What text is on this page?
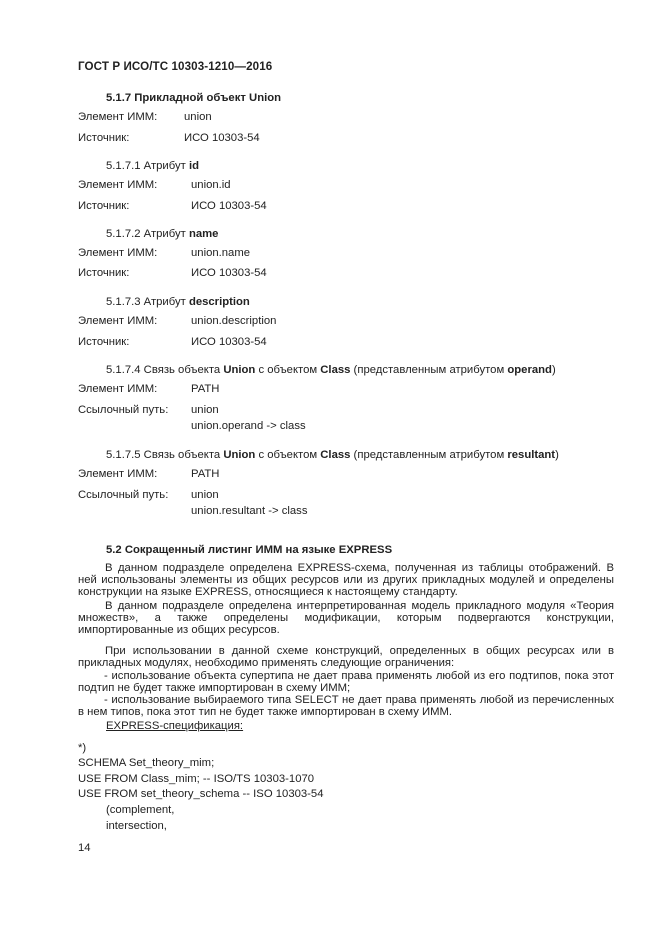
ГОСТ Р ИСО/ТС 10303-1210—2016
5.1.7 Прикладной объект Union
Элемент ИММ: union
Источник:	ИСО 10303-54
5.1.7.1 Атрибут id
Элемент ИММ:	union.id
Источник:	ИСО 10303-54
5.1.7.2 Атрибут name
Элемент ИММ:	union.name
Источник:	ИСО 10303-54
5.1.7.3 Атрибут description
Элемент ИММ:	union.description
Источник:	ИСО 10303-54
5.1.7.4 Связь объекта Union с объектом Class (представленным атрибутом operand)
Элемент ИММ:	PATH
Ссылочный путь: union
union.operand -> class
5.1.7.5 Связь объекта Union с объектом Class (представленным атрибутом resultant)
Элемент ИММ:	PATH
Ссылочный путь: union
union.resultant -> class
5.2 Сокращенный листинг ИММ на языке EXPRESS
В данном подразделе определена EXPRESS-схема, полученная из таблицы отображений. В ней использованы элементы из общих ресурсов или из других прикладных модулей и определены конструкции на языке EXPRESS, относящиеся к настоящему стандарту.
В данном подразделе определена интерпретированная модель прикладного модуля «Теория множеств», а также определены модификации, которым подвергаются конструкции, импортированные из общих ресурсов.
При использовании в данной схеме конструкций, определенных в общих ресурсах или в прикладных модулях, необходимо применять следующие ограничения:
- использование объекта супертипа не дает права применять любой из его подтипов, пока этот подтип не будет также импортирован в схему ИММ;
- использование выбираемого типа SELECT не дает права применять любой из перечисленных в нем типов, пока этот тип не будет также импортирован в схему ИММ.
EXPRESS-спецификация:
*)
SCHEMA Set_theory_mim;
USE FROM Class_mim; -- ISO/TS 10303-1070
USE FROM set_theory_schema -- ISO 10303-54
(complement,
intersection,
14
